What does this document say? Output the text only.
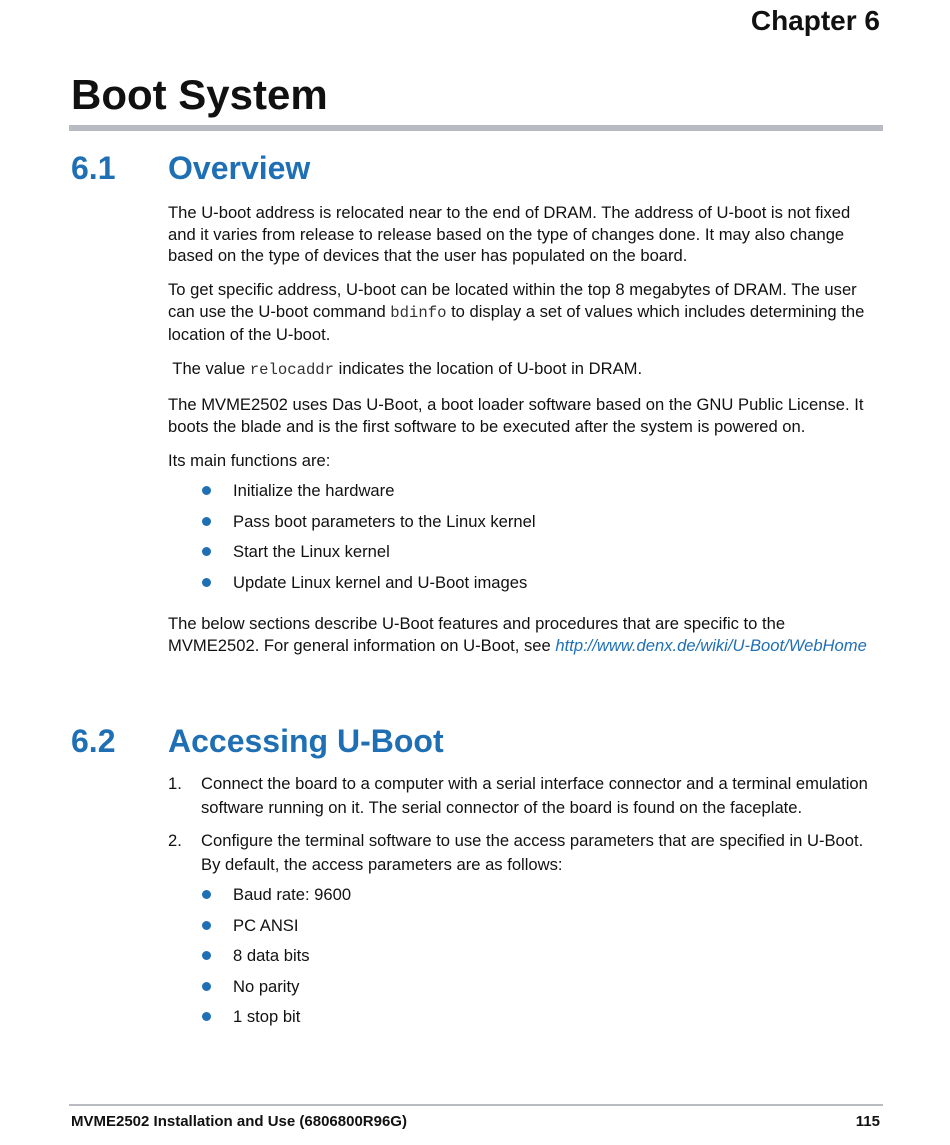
Chapter 6
Boot System
6.1 Overview

The U-boot address is relocated near to the end of DRAM. The address of U-boot is not fixed and it varies from release to release based on the type of changes done. It may also change based on the type of devices that the user has populated on the board.

To get specific address, U-boot can be located within the top 8 megabytes of DRAM. The user can use the U-boot command bdinfo to display a set of values which includes determining the location of the U-boot.

The value relocaddr indicates the location of U-boot in DRAM.

The MVME2502 uses Das U-Boot, a boot loader software based on the GNU Public License. It boots the blade and is the first software to be executed after the system is powered on.

Its main functions are:

Initialize the hardware
Pass boot parameters to the Linux kernel
Start the Linux kernel
Update Linux kernel and U-Boot images

The below sections describe U-Boot features and procedures that are specific to the MVME2502. For general information on U-Boot, see http://www.denx.de/wiki/U-Boot/WebHome

6.2 Accessing U-Boot
1. Connect the board to a computer with a serial interface connector and a terminal emulation software running on it. The serial connector of the board is found on the faceplate.
2. Configure the terminal software to use the access parameters that are specified in U-Boot. By default, the access parameters are as follows:
Baud rate: 9600
PC ANSI
8 data bits
No parity
1 stop bit
MVME2502 Installation and Use (6806800R96G)	115
